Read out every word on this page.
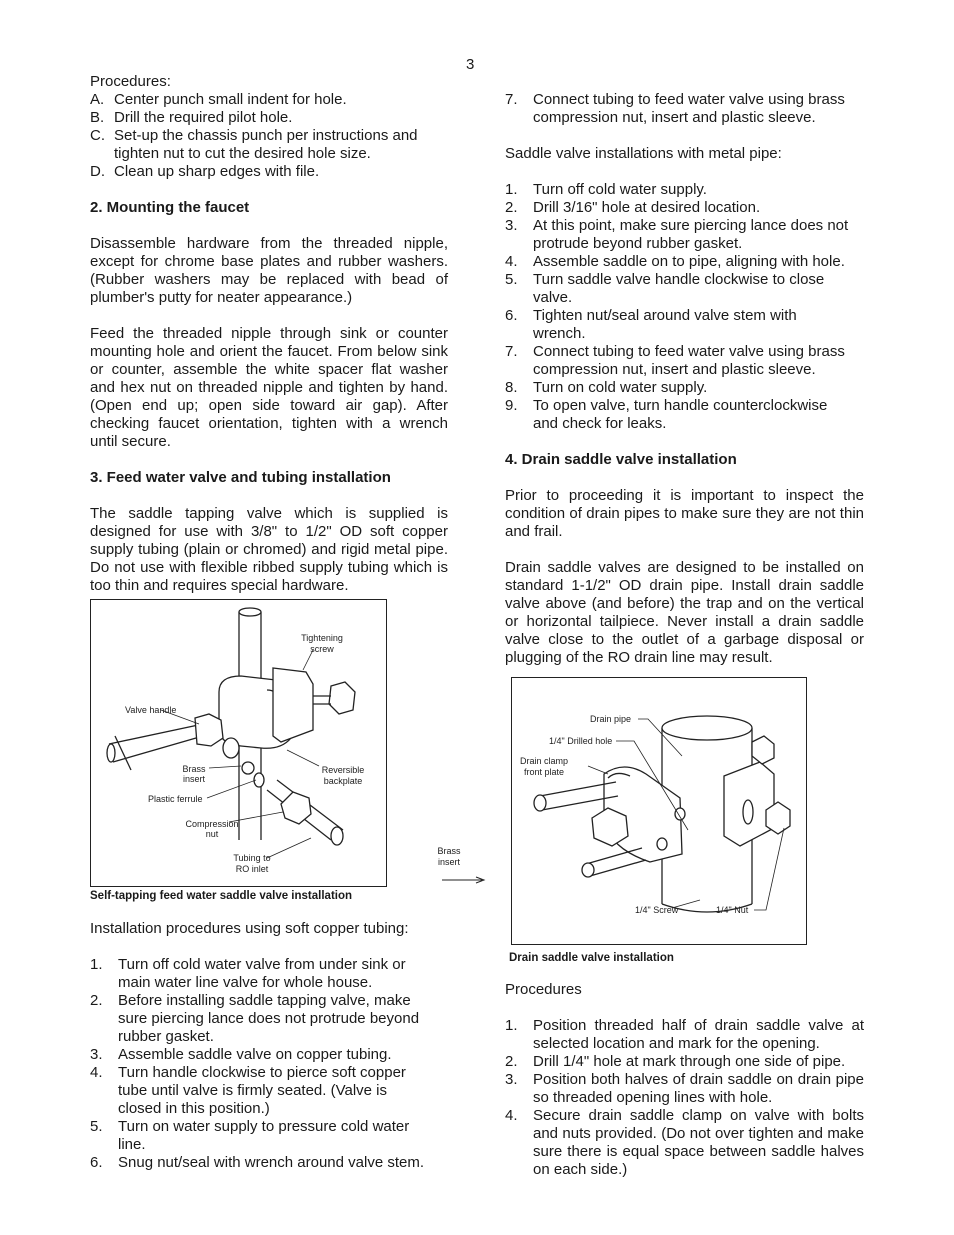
3

Procedures:

A. Center punch small indent for hole.
B. Drill the required pilot hole.
C. Set-up the chassis punch per instructions and tighten nut to cut the desired hole size.
D. Clean up sharp edges with file.

2. Mounting the faucet

Disassemble hardware from the threaded nipple, except for chrome base plates and rubber washers. (Rubber washers may be replaced with bead of plumber's putty for neater appearance.)

Feed the threaded nipple through sink or counter mounting hole and orient the faucet. From below sink or counter, assemble the white spacer flat washer and hex nut on threaded nipple and tighten by hand. (Open end up; open side toward air gap). After checking faucet orientation, tighten with a wrench until secure.

3. Feed water valve and tubing installation

The saddle tapping valve which is supplied is designed for use with 3/8" to 1/2" OD soft copper supply tubing (plain or chromed) and rigid metal pipe. Do not use with flexible ribbed supply tubing which is too thin and requires special hardware.

Tightening
screw
Valve handle
Brass
insert
Reversible
backplate
Plastic ferrule
Compression
nut
Tubing to
RO inlet
Self-tapping feed water saddle valve installation

Installation procedures using soft copper tubing:

1.	Turn off cold water valve from under sink or main water line valve for whole house.
2.	Before installing saddle tapping valve, make sure piercing lance does not protrude beyond rubber gasket.
3.	Assemble saddle valve on copper tubing.
4.	Turn handle clockwise to pierce soft copper tube until valve is firmly seated. (Valve is closed in this position.)
5.	Turn on water supply to pressure cold water line.
6.	Snug nut/seal with wrench around valve stem.
Brass
insert
7.	Connect tubing to feed water valve using brass compression nut, insert and plastic sleeve.

Saddle valve installations with metal pipe:

1.	Turn off cold water supply.
2.	Drill 3/16" hole at desired location.
3.	At this point, make sure piercing lance does not protrude beyond rubber gasket.
4.	Assemble saddle on to pipe, aligning with hole.
5.	Turn saddle valve handle clockwise to close valve.
6.	Tighten nut/seal around valve stem with wrench.
7.	Connect tubing to feed water valve using brass compression nut, insert and plastic sleeve.
8.	Turn on cold water supply.
9.	To open valve, turn handle counterclockwise and check for leaks.

4. Drain saddle valve installation

Prior to proceeding it is important to inspect the condition of drain pipes to make sure they are not thin and frail.

Drain saddle valves are designed to be installed on standard 1-1/2" OD drain pipe. Install drain saddle valve above (and before) the trap and on the vertical or horizontal tailpiece. Never install a drain saddle valve close to the outlet of a garbage disposal or plugging of the RO drain line may result.

Drain pipe
1/4" Drilled hole
Drain clamp
front plate
1/4" Screw	1/4" Nut
Drain saddle valve installation

Procedures

1.	Position threaded half of drain saddle valve at selected location and mark for the opening.
2.	Drill 1/4" hole at mark through one side of pipe.
3.	Position both halves of drain saddle on drain pipe so threaded opening lines with hole.
4.	Secure drain saddle clamp on valve with bolts and nuts provided. (Do not over tighten and make sure there is equal space between saddle halves on each side.)
